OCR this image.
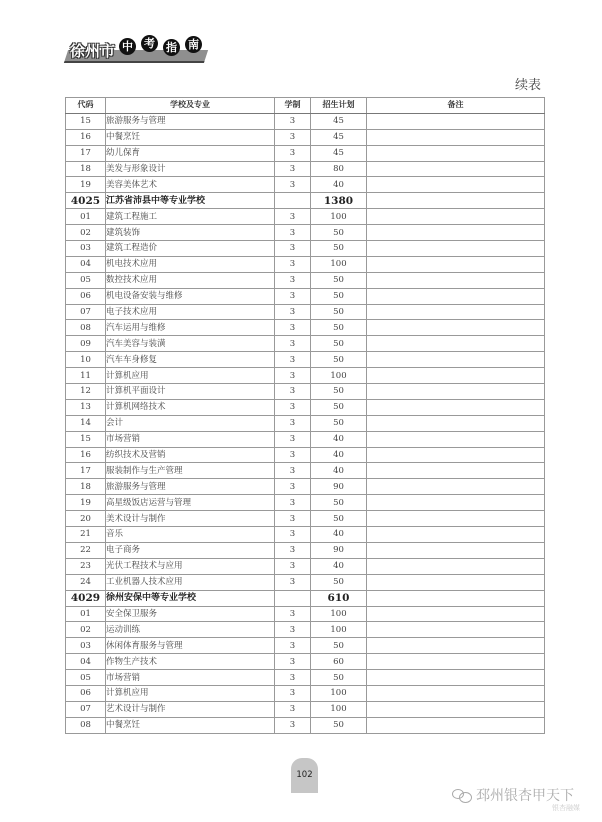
徐州市 中 考 指 南
续表
代码	学校及专业	学制	招生计划	备注
15	旅游服务与管理	3	45	
16	中餐烹饪	3	45	
17	幼儿保育	3	45	
18	美发与形象设计	3	80	
19	美容美体艺术	3	40	
4025	江苏省沛县中等专业学校		1380	
01	建筑工程施工	3	100	
02	建筑装饰	3	50	
03	建筑工程造价	3	50	
04	机电技术应用	3	100	
05	数控技术应用	3	50	
06	机电设备安装与维修	3	50	
07	电子技术应用	3	50	
08	汽车运用与维修	3	50	
09	汽车美容与装潢	3	50	
10	汽车车身修复	3	50	
11	计算机应用	3	100	
12	计算机平面设计	3	50	
13	计算机网络技术	3	50	
14	会计	3	50	
15	市场营销	3	40	
16	纺织技术及营销	3	40	
17	服装制作与生产管理	3	40	
18	旅游服务与管理	3	90	
19	高星级饭店运营与管理	3	50	
20	美术设计与制作	3	50	
21	音乐	3	40	
22	电子商务	3	90	
23	光伏工程技术与应用	3	40	
24	工业机器人技术应用	3	50	
4029	徐州安保中等专业学校		610	
01	安全保卫服务	3	100	
02	运动训练	3	100	
03	休闲体育服务与管理	3	50	
04	作物生产技术	3	60	
05	市场营销	3	50	
06	计算机应用	3	100	
07	艺术设计与制作	3	100	
08	中餐烹饪	3	50	
102
邳州银杏甲天下
银杏融媒
